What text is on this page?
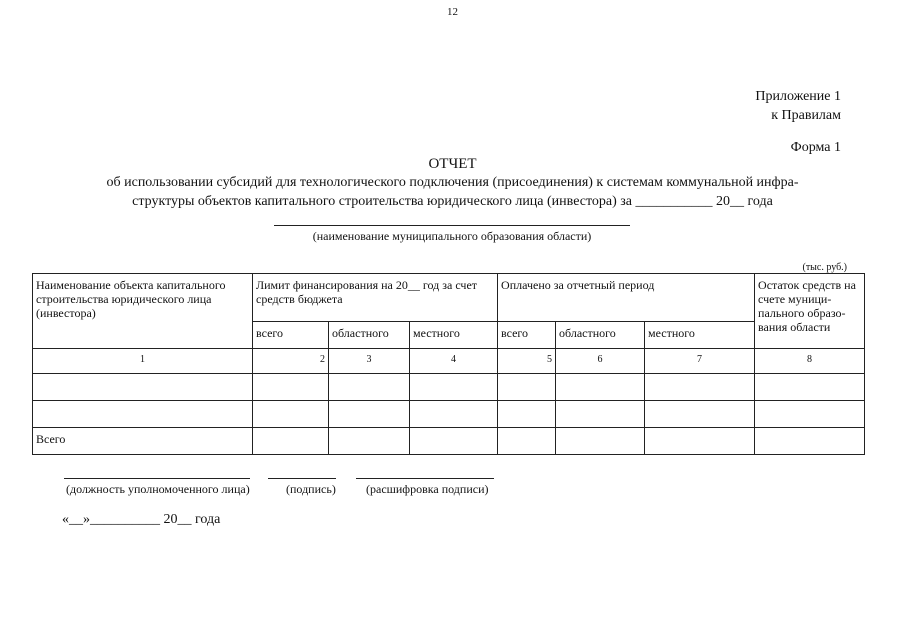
12
Приложение 1
к Правилам
Форма 1
ОТЧЕТ
об использовании субсидий для технологического подключения (присоединения) к системам коммунальной инфра-
структуры объектов капитального строительства юридического лица (инвестора) за ___________ 20__ года
(наименование муниципального образования области)
(тыс. руб.)
Наименование объекта капитального строительства юридического лица (инвестора)	Лимит финансирования на 20__ год за счет средств бюджета			Оплачено за отчетный период			Остаток средств на счете муници-пального образо-вания области
	всего	областного	местного	всего	областного	местного	
1	2	3	4	5	6	7	8

Всего							
(должность уполномоченного лица)	(подпись)	(расшифровка подписи)
«__»__________ 20__ года
